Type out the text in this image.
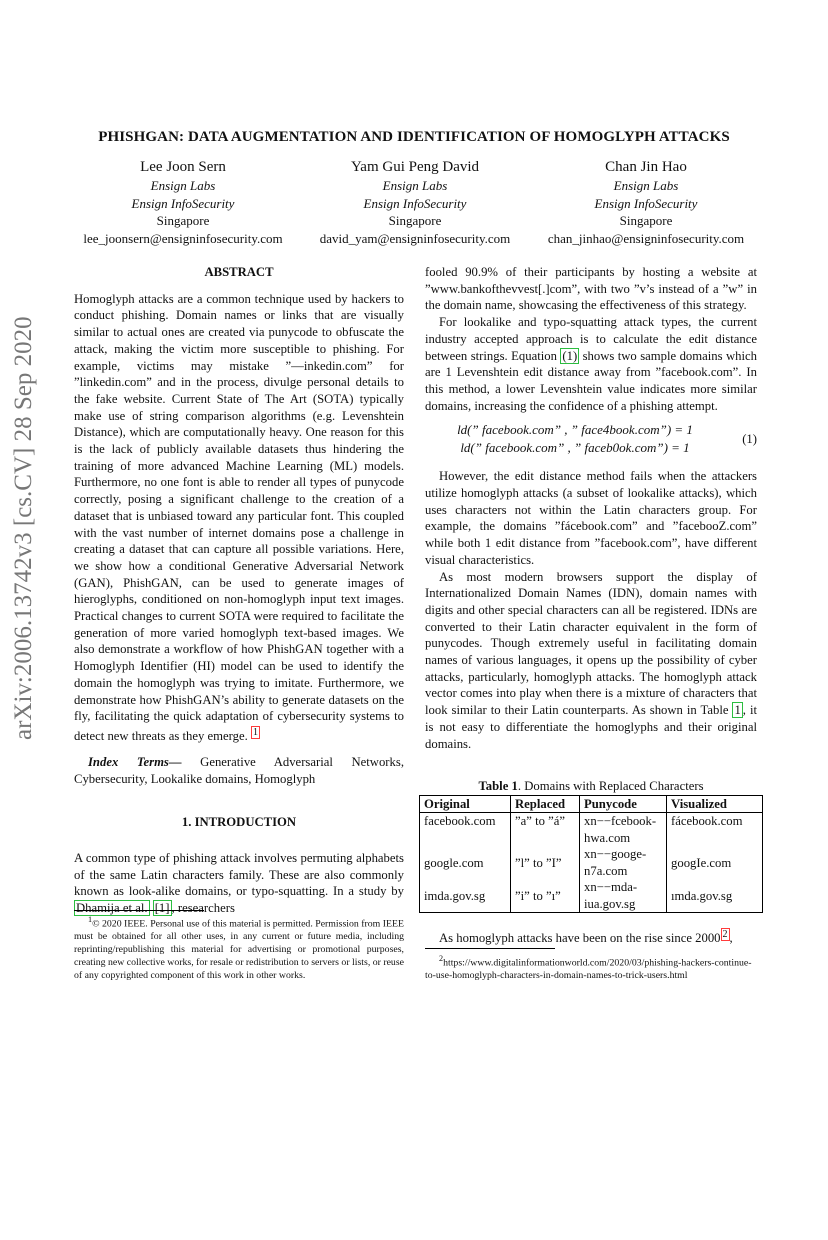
arXiv:2006.13742v3 [cs.CV] 28 Sep 2020
PHISHGAN: DATA AUGMENTATION AND IDENTIFICATION OF HOMOGLYPH ATTACKS
Lee Joon Sern
Ensign Labs
Ensign InfoSecurity
Singapore
lee_joonsern@ensigninfosecurity.com
Yam Gui Peng David
Ensign Labs
Ensign InfoSecurity
Singapore
david_yam@ensigninfosecurity.com
Chan Jin Hao
Ensign Labs
Ensign InfoSecurity
Singapore
chan_jinhao@ensigninfosecurity.com
ABSTRACT

Homoglyph attacks are a common technique used by hackers to conduct phishing. Domain names or links that are visually similar to actual ones are created via punycode to obfuscate the attack, making the victim more susceptible to phishing. For example, victims may mistake ”—inkedin.com” for ”linkedin.com” and in the process, divulge personal details to the fake website. Current State of The Art (SOTA) typically make use of string comparison algorithms (e.g. Levenshtein Distance), which are computationally heavy. One reason for this is the lack of publicly available datasets thus hindering the training of more advanced Machine Learning (ML) models. Furthermore, no one font is able to render all types of punycode correctly, posing a significant challenge to the creation of a dataset that is unbiased toward any particular font. This coupled with the vast number of internet domains pose a challenge in creating a dataset that can capture all possible variations. Here, we show how a conditional Generative Adversarial Network (GAN), PhishGAN, can be used to generate images of hieroglyphs, conditioned on non-homoglyph input text images. Practical changes to current SOTA were required to facilitate the generation of more varied homoglyph text-based images. We also demonstrate a workflow of how PhishGAN together with a Homoglyph Identifier (HI) model can be used to identify the domain the homoglyph was trying to imitate. Furthermore, we demonstrate how PhishGAN’s ability to generate datasets on the fly, facilitating the quick adaptation of cybersecurity systems to detect new threats as they emerge. $^1$

Index Terms— Generative Adversarial Networks, Cybersecurity, Lookalike domains, Homoglyph

1. INTRODUCTION

A common type of phishing attack involves permuting alphabets of the same Latin characters family. These are also commonly known as look-alike domains, or typo-squatting. In a study by Dhamija et al. [1] , researchers

$^1$© 2020 IEEE. Personal use of this material is permitted. Permission from IEEE must be obtained for all other uses, in any current or future media, including reprinting/republishing this material for advertising or promotional purposes, creating new collective works, for resale or redistribution to servers or lists, or reuse of any copyrighted component of this work in other works.

fooled 90.9% of their participants by hosting a website at ”www.bankofthevvest[.]com”, with two ”v’s instead of a ”w” in the domain name, showcasing the effectiveness of this strategy.

For lookalike and typo-squatting attack types, the current industry accepted approach is to calculate the edit distance between strings. Equation (1) shows two sample domains which are 1 Levenshtein edit distance away from ”facebook.com”. In this method, a lower Levenshtein value indicates more similar domains, increasing the confidence of a phishing attempt.

ld(” facebook.com” , ” face4book.com”) = 1
ld(” facebook.com” , ” faceb0ok.com”) = 1
(1)

However, the edit distance method fails when the attackers utilize homoglyph attacks (a subset of lookalike attacks), which uses characters not within the Latin characters group. For example, the domains ”fácebook.com” and ”facebooZ.com” while both 1 edit distance from ”facebook.com”, have different visual characteristics.

As most modern browsers support the display of Internationalized Domain Names (IDN), domain names with digits and other special characters can all be registered. IDNs are converted to their Latin character equivalent in the form of punycodes. Though extremely useful in facilitating domain names of various languages, it opens up the possibility of cyber attacks, particularly, homoglyph attacks. The homoglyph attack vector comes into play when there is a mixture of characters that look similar to their Latin counterparts. As shown in Table 1 , it is not easy to differentiate the homoglyphs and their original domains.

Table 1. Domains with Replaced Characters
Original	Replaced	Punycode	Visualized
facebook.com	”a” to ”á”	xn−−fcebook-hwa.com	fácebook.com
google.com	”l” to ”Ι”	xn−−googe-n7a.com	googIe.com
imda.gov.sg	”i” to ”ı”	xn−−mda-iua.gov.sg	ımda.gov.sg

As homoglyph attacks have been on the rise since 2000 $^2$ ,

$^2$https://www.digitalinformationworld.com/2020/03/phishing-hackers-continue-to-use-homoglyph-characters-in-domain-names-to-trick-users.html
